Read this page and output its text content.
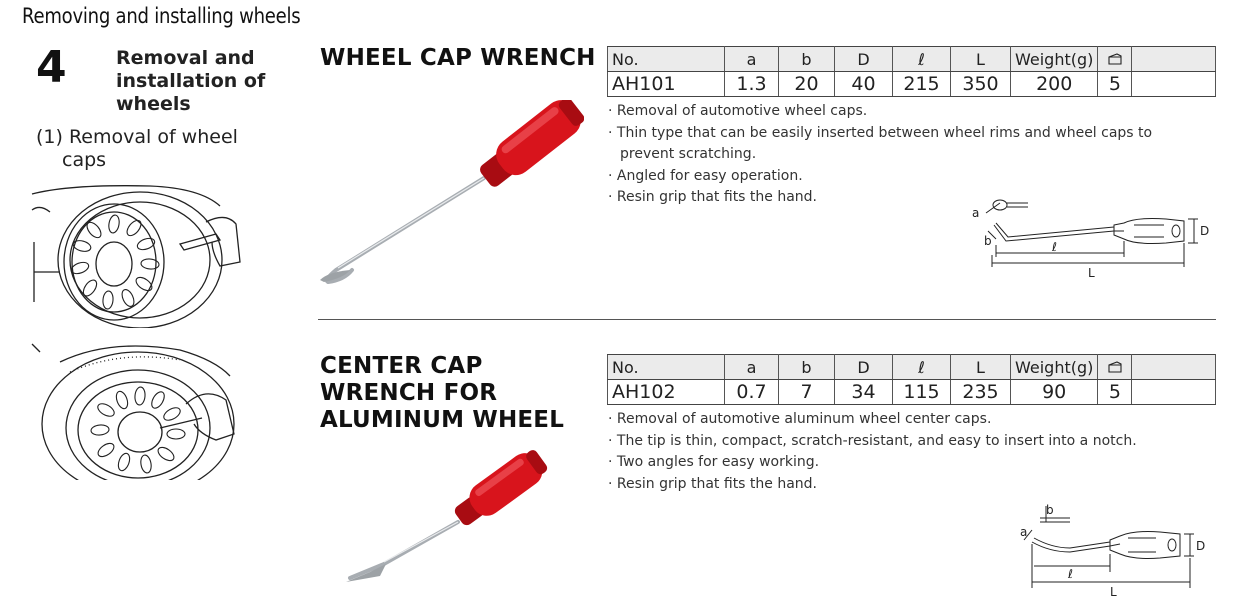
Removing and installing wheels
4	Removal and
installation of
wheels
(1) Removal of wheel
caps
WHEEL CAP WRENCH No.	a	b	D	ℓ	L	Weight(g)		
AH101	1.3	20	40	215	350	200	5	
· Removal of automotive wheel caps.
· Thin type that can be easily inserted between wheel rims and wheel caps to prevent scratching.
· Angled for easy operation.
· Resin grip that fits the hand.
a
b	ℓ
L
D
CENTER CAP
WRENCH FOR
ALUMINUM WHEEL
No.	a	b	D	ℓ	L	Weight(g)		
AH102	0.7	7	34	115	235	90	5	
· Removal of automotive aluminum wheel center caps.
· The tip is thin, compact, scratch-resistant, and easy to insert into a notch.
· Two angles for easy working.
· Resin grip that fits the hand.
b
a
ℓ
L
D
